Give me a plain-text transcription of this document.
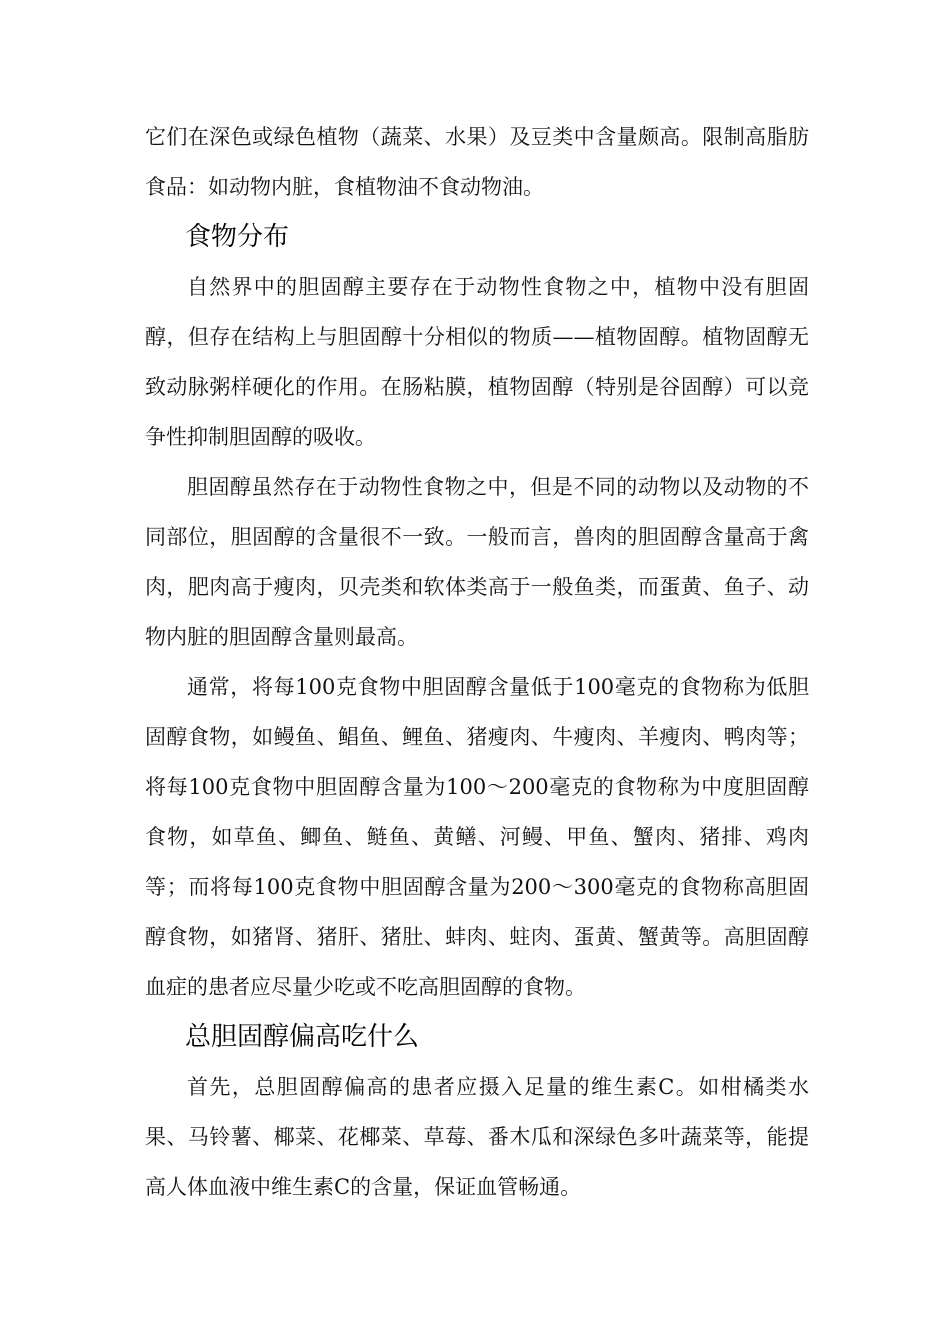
它们在深色或绿色植物（蔬菜、水果）及豆类中含量颇高。限制高脂肪食品：如动物内脏，食植物油不食动物油。

食物分布

自然界中的胆固醇主要存在于动物性食物之中，植物中没有胆固醇，但存在结构上与胆固醇十分相似的物质——植物固醇。植物固醇无致动脉粥样硬化的作用。在肠粘膜，植物固醇（特别是谷固醇）可以竞争性抑制胆固醇的吸收。

胆固醇虽然存在于动物性食物之中，但是不同的动物以及动物的不同部位，胆固醇的含量很不一致。一般而言，兽肉的胆固醇含量高于禽肉，肥肉高于瘦肉，贝壳类和软体类高于一般鱼类，而蛋黄、鱼子、动物内脏的胆固醇含量则最高。

通常，将每100克食物中胆固醇含量低于100毫克的食物称为低胆固醇食物，如鳗鱼、鲳鱼、鲤鱼、猪瘦肉、牛瘦肉、羊瘦肉、鸭肉等；将每100克食物中胆固醇含量为100～200毫克的食物称为中度胆固醇食物，如草鱼、鲫鱼、鲢鱼、黄鳝、河鳗、甲鱼、蟹肉、猪排、鸡肉等；而将每100克食物中胆固醇含量为200～300毫克的食物称高胆固醇食物，如猪肾、猪肝、猪肚、蚌肉、蛀肉、蛋黄、蟹黄等。高胆固醇血症的患者应尽量少吃或不吃高胆固醇的食物。

总胆固醇偏高吃什么

首先，总胆固醇偏高的患者应摄入足量的维生素C。如柑橘类水果、马铃薯、椰菜、花椰菜、草莓、番木瓜和深绿色多叶蔬菜等，能提高人体血液中维生素C的含量，保证血管畅通。
